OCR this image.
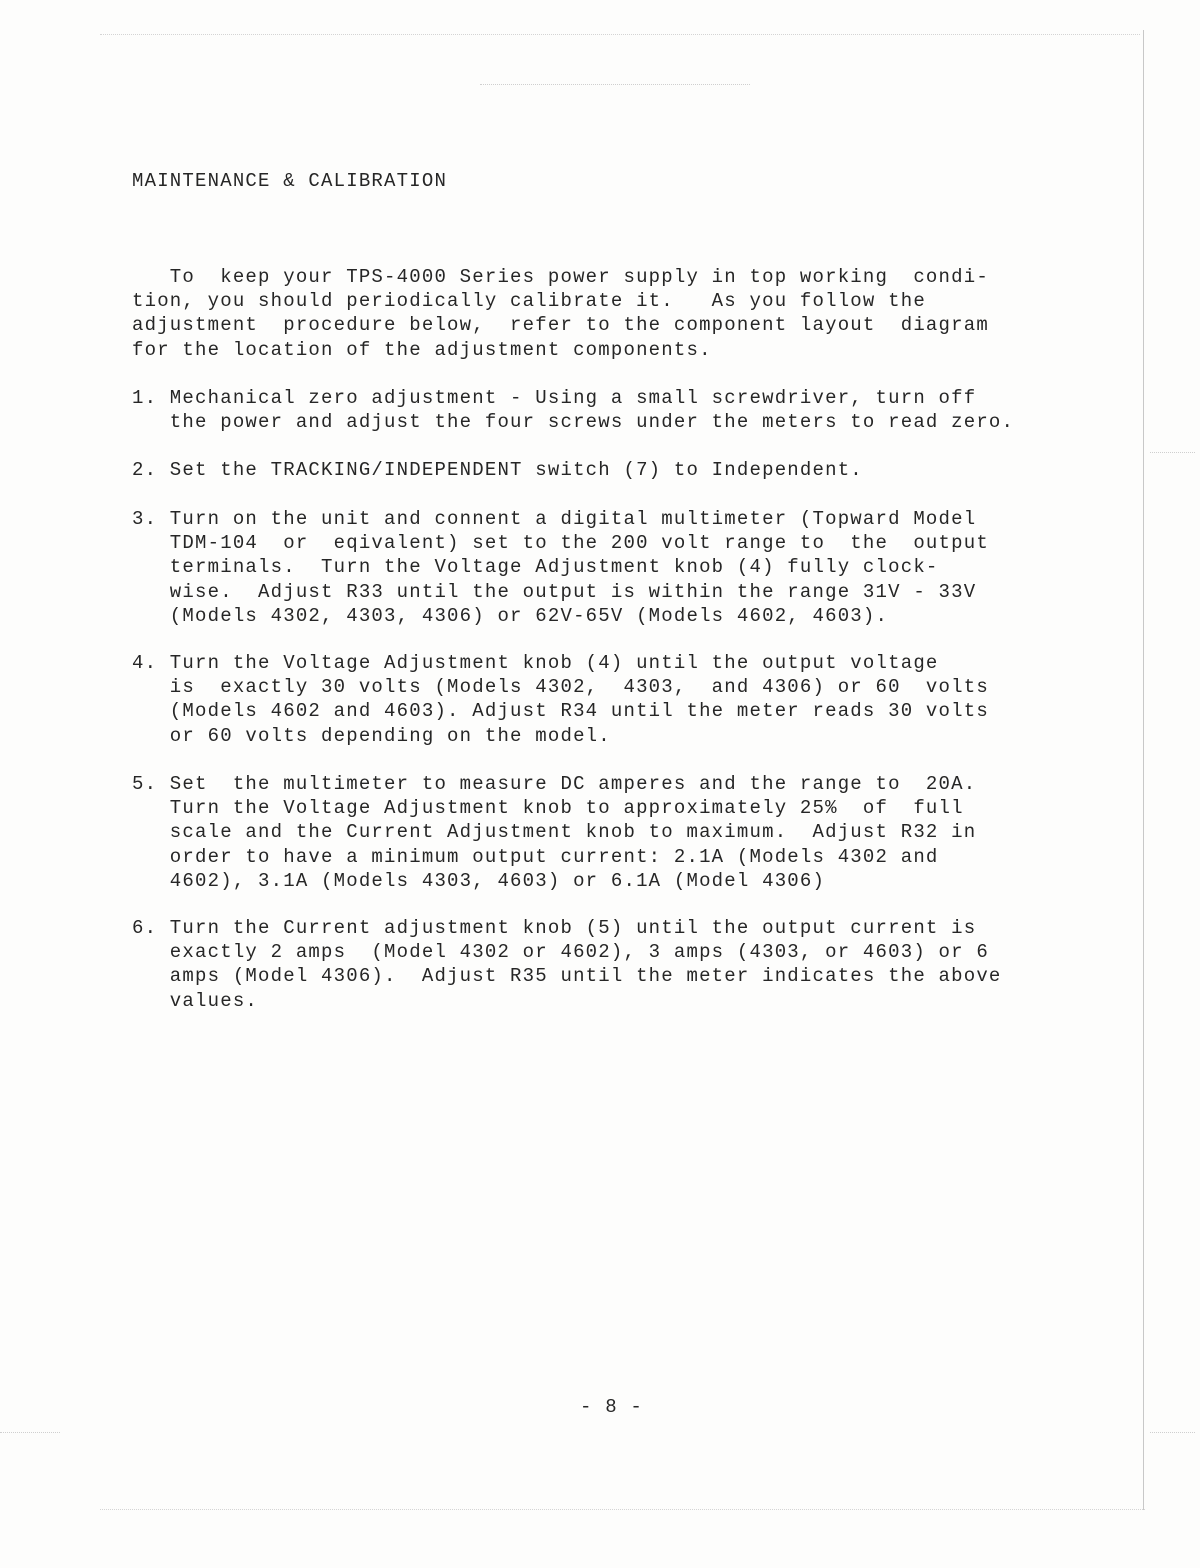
MAINTENANCE & CALIBRATION

To  keep your TPS-4000 Series power supply in top working  condi-
tion, you should periodically calibrate it.   As you follow the
adjustment  procedure below,  refer to the component layout  diagram
for the location of the adjustment components.

1. Mechanical zero adjustment - Using a small screwdriver, turn off
the power and adjust the four screws under the meters to read zero.

2. Set the TRACKING/INDEPENDENT switch (7) to Independent.

3. Turn on the unit and connent a digital multimeter (Topward Model
TDM-104  or  eqivalent) set to the 200 volt range to  the  output
terminals.  Turn the Voltage Adjustment knob (4) fully clock-
wise.  Adjust R33 until the output is within the range 31V - 33V
(Models 4302, 4303, 4306) or 62V-65V (Models 4602, 4603).

4. Turn the Voltage Adjustment knob (4) until the output voltage
is  exactly 30 volts (Models 4302,  4303,  and 4306) or 60  volts
(Models 4602 and 4603). Adjust R34 until the meter reads 30 volts
or 60 volts depending on the model.

5. Set  the multimeter to measure DC amperes and the range to  20A.
Turn the Voltage Adjustment knob to approximately 25%  of  full
scale and the Current Adjustment knob to maximum.  Adjust R32 in
order to have a minimum output current: 2.1A (Models 4302 and
4602), 3.1A (Models 4303, 4603) or 6.1A (Model 4306)

6. Turn the Current adjustment knob (5) until the output current is
exactly 2 amps  (Model 4302 or 4602), 3 amps (4303, or 4603) or 6
amps (Model 4306).  Adjust R35 until the meter indicates the above
values.

- 8 -
